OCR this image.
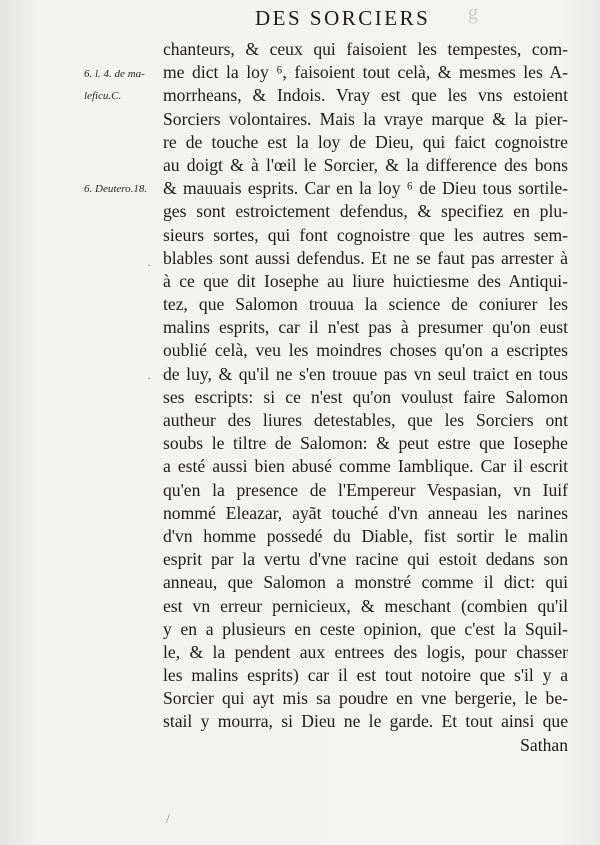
DES SORCIERS g
6. l. 4. de ma-
leficu.C.
6. Deutero.18.
·
·
chanteurs, & ceux qui faisoient les tempestes, com-
me dict la loy ⁶, faisoient tout celà, & mesmes les A-
morrheans, & Indois. Vray est que les vns estoient
Sorciers volontaires. Mais la vraye marque & la pier-
re de touche est la loy de Dieu, qui faict cognoistre
au doigt & à l'œil le Sorcier, & la difference des bons
& mauuais esprits. Car en la loy ⁶ de Dieu tous sortile-
ges sont estroictement defendus, & specifiez en plu-
sieurs sortes, qui font cognoistre que les autres sem-
blables sont aussi defendus. Et ne se faut pas arrester à
à ce que dit Iosephe au liure huictiesme des Antiqui-
tez, que Salomon trouua la science de coniurer les
malins esprits, car il n'est pas à presumer qu'on eust
oublié celà, veu les moindres choses qu'on a escriptes
de luy, & qu'il ne s'en trouue pas vn seul traict en tous
ses escripts: si ce n'est qu'on voulust faire Salomon
autheur des liures detestables, que les Sorciers ont
soubs le tiltre de Salomon: & peut estre que Iosephe
a esté aussi bien abusé comme Iamblique. Car il escrit
qu'en la presence de l'Empereur Vespasian, vn Iuif
nommé Eleazar, ayãt touché d'vn anneau les narines
d'vn homme possedé du Diable, fist sortir le malin
esprit par la vertu d'vne racine qui estoit dedans son
anneau, que Salomon a monstré comme il dict: qui
est vn erreur pernicieux, & meschant (combien qu'il
y en a plusieurs en ceste opinion, que c'est la Squil-
le, & la pendent aux entrees des logis, pour chasser
les malins esprits) car il est tout notoire que s'il y a
Sorcier qui ayt mis sa poudre en vne bergerie, le be-
stail y mourra, si Dieu ne le garde. Et tout ainsi que
Sathan
/
